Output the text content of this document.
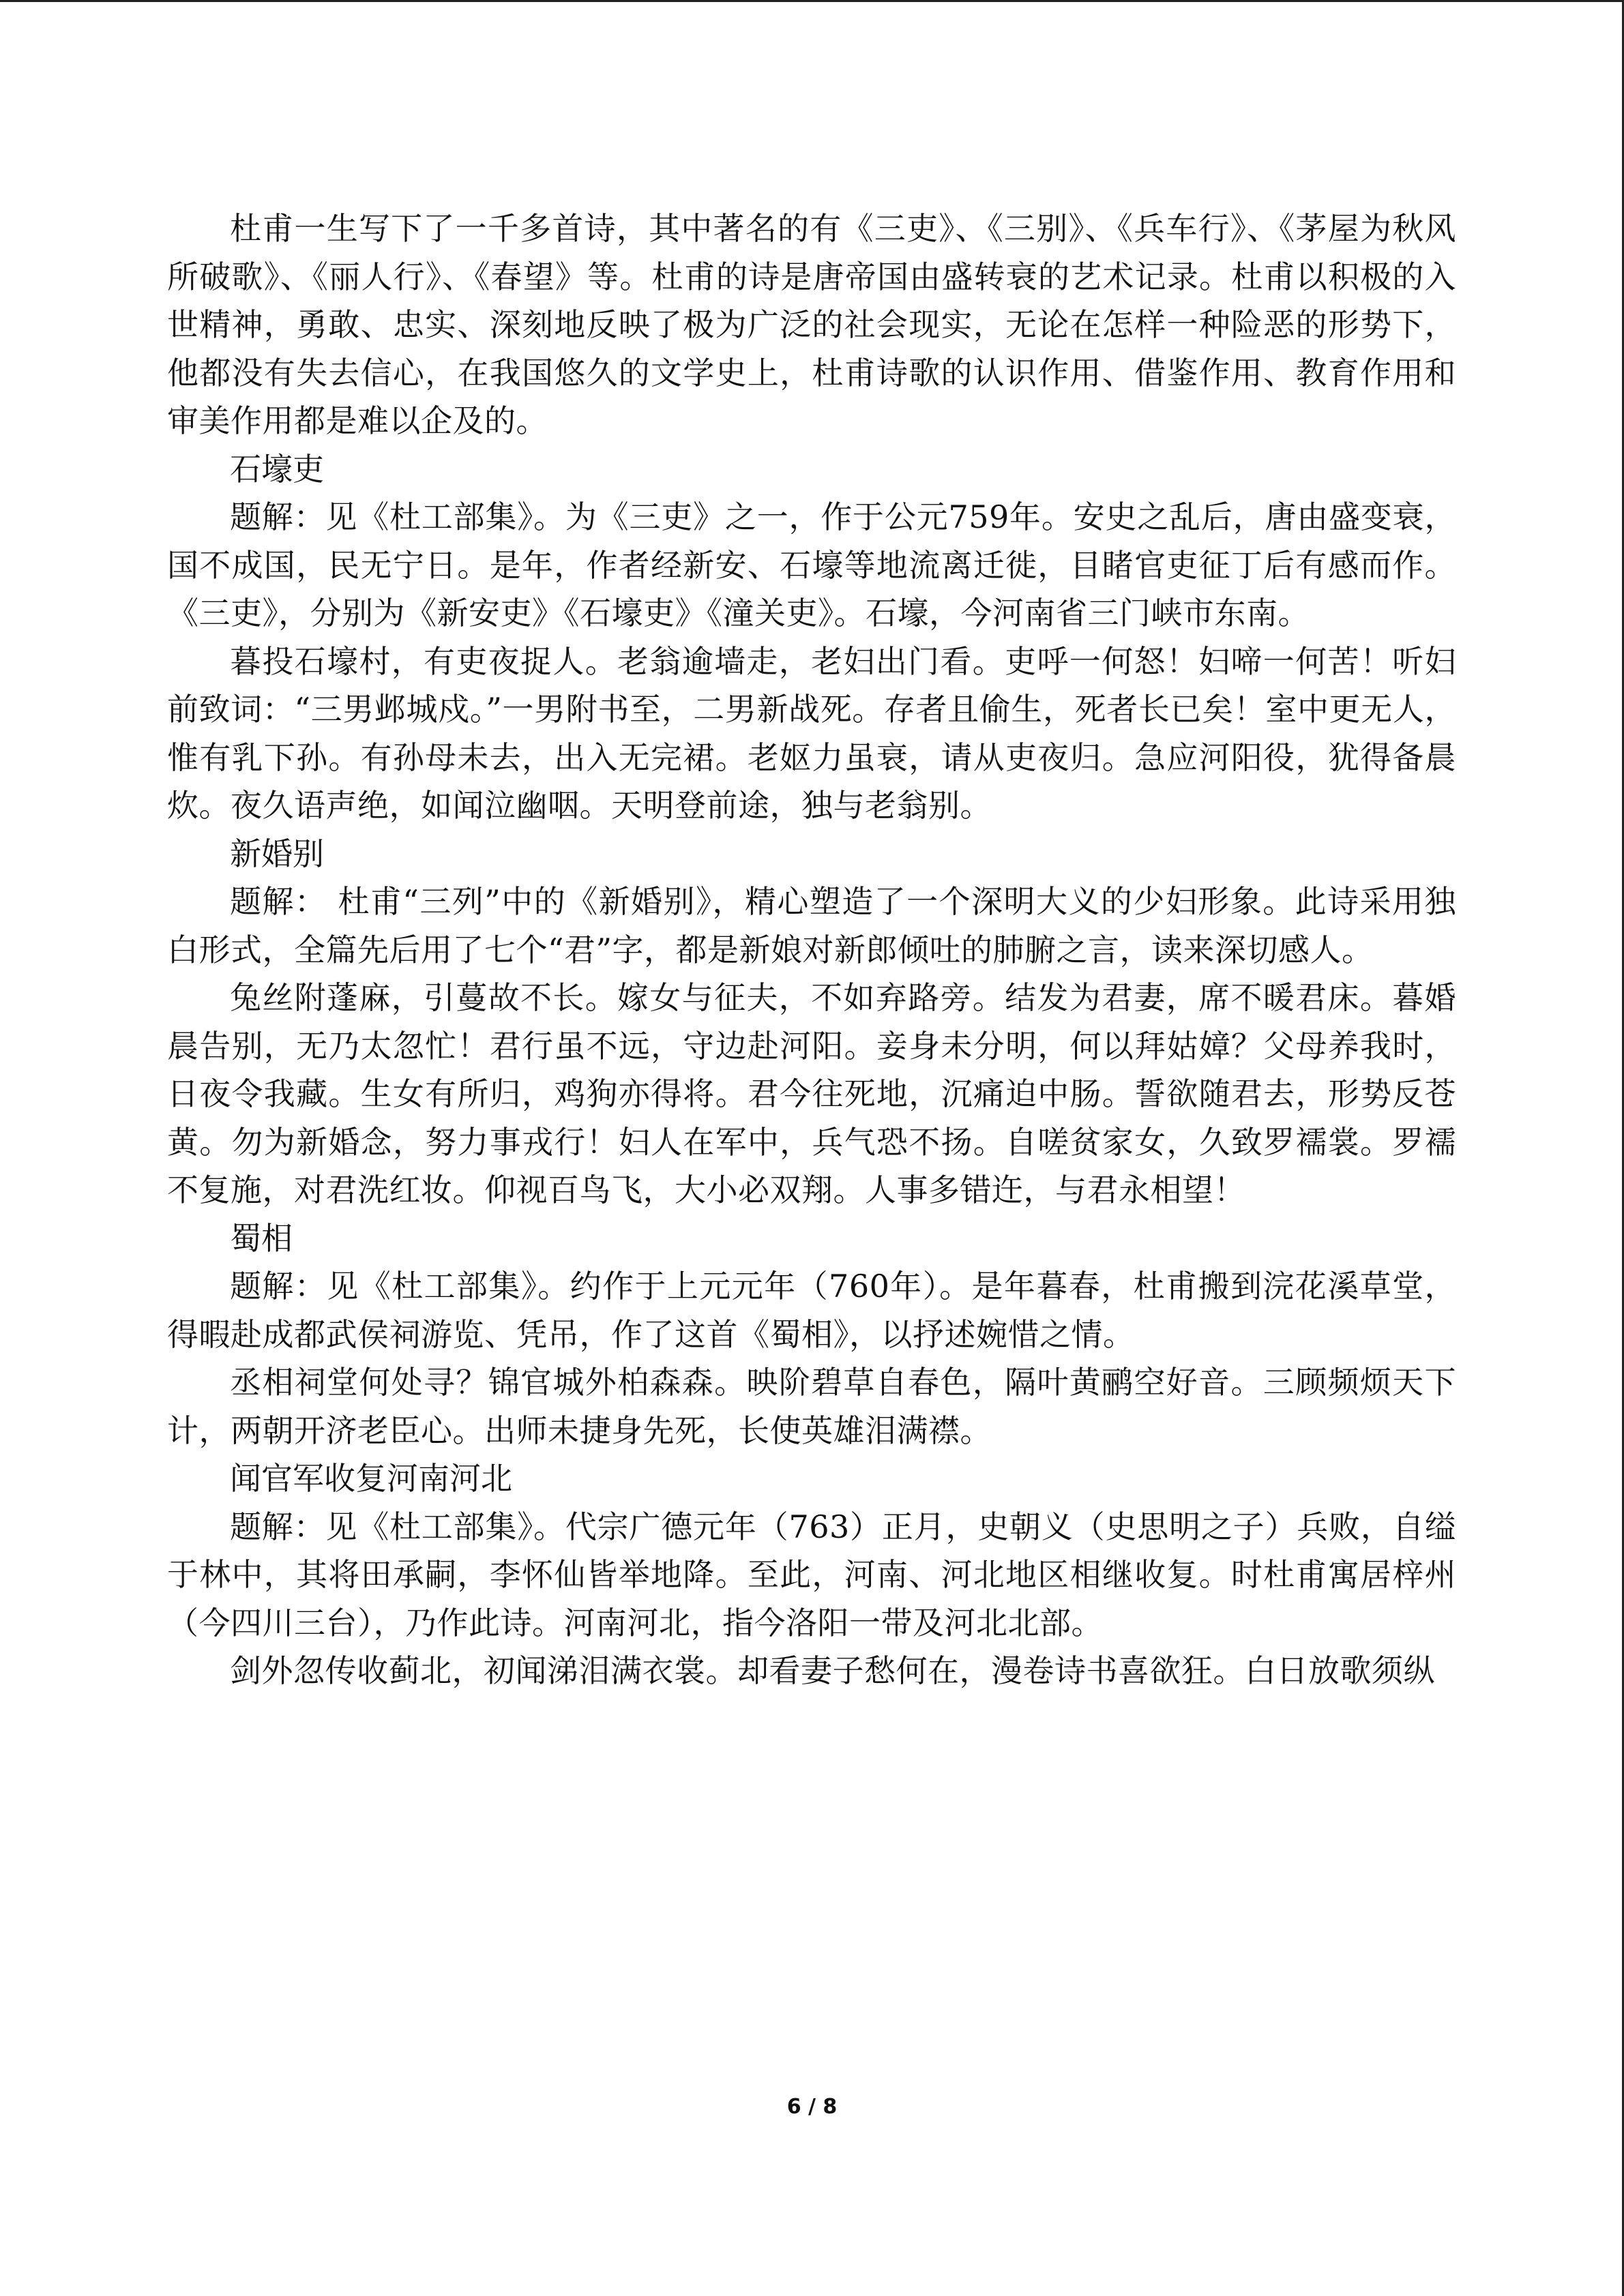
杜甫一生写下了一千多首诗，其中著名的有《三吏》、《三别》、《兵车行》、《茅屋为秋风所破歌》、《丽人行》、《春望》等。杜甫的诗是唐帝国由盛转衰的艺术记录。杜甫以积极的入世精神，勇敢、忠实、深刻地反映了极为广泛的社会现实，无论在怎样一种险恶的形势下，他都没有失去信心，在我国悠久的文学史上，杜甫诗歌的认识作用、借鉴作用、教育作用和审美作用都是难以企及的。

石壕吏

题解：见《杜工部集》。为《三吏》之一，作于公元759年。安史之乱后，唐由盛变衰，国不成国，民无宁日。是年，作者经新安、石壕等地流离迁徙，目睹官吏征丁后有感而作。《三吏》，分别为《新安吏》《石壕吏》《潼关吏》。石壕，今河南省三门峡市东南。

暮投石壕村，有吏夜捉人。老翁逾墙走，老妇出门看。吏呼一何怒！妇啼一何苦！听妇前致词：“三男邺城戍。”一男附书至，二男新战死。存者且偷生，死者长已矣！室中更无人，惟有乳下孙。有孙母未去，出入无完裙。老妪力虽衰，请从吏夜归。急应河阳役，犹得备晨炊。夜久语声绝，如闻泣幽咽。天明登前途，独与老翁别。

新婚别

题解： 杜甫“三列”中的《新婚别》，精心塑造了一个深明大义的少妇形象。此诗采用独白形式，全篇先后用了七个“君”字，都是新娘对新郎倾吐的肺腑之言，读来深切感人。

兔丝附蓬麻，引蔓故不长。嫁女与征夫，不如弃路旁。结发为君妻，席不暖君床。暮婚晨告别，无乃太忽忙！君行虽不远，守边赴河阳。妾身未分明，何以拜姑嫜？父母养我时，日夜令我藏。生女有所归，鸡狗亦得将。君今往死地，沉痛迫中肠。誓欲随君去，形势反苍黄。勿为新婚念，努力事戎行！妇人在军中，兵气恐不扬。自嗟贫家女，久致罗襦裳。罗襦不复施，对君洗红妆。仰视百鸟飞，大小必双翔。人事多错迕，与君永相望！

蜀相

题解：见《杜工部集》。约作于上元元年（760年）。是年暮春，杜甫搬到浣花溪草堂，得暇赴成都武侯祠游览、凭吊，作了这首《蜀相》，以抒述婉惜之情。

丞相祠堂何处寻？锦官城外柏森森。映阶碧草自春色，隔叶黄鹂空好音。三顾频烦天下计，两朝开济老臣心。出师未捷身先死，长使英雄泪满襟。

闻官军收复河南河北

题解：见《杜工部集》。代宗广德元年（763）正月，史朝义（史思明之子）兵败，自缢于林中，其将田承嗣，李怀仙皆举地降。至此，河南、河北地区相继收复。时杜甫寓居梓州（今四川三台），乃作此诗。河南河北，指今洛阳一带及河北北部。

剑外忽传收蓟北，初闻涕泪满衣裳。却看妻子愁何在，漫卷诗书喜欲狂。白日放歌须纵

6 / 8
